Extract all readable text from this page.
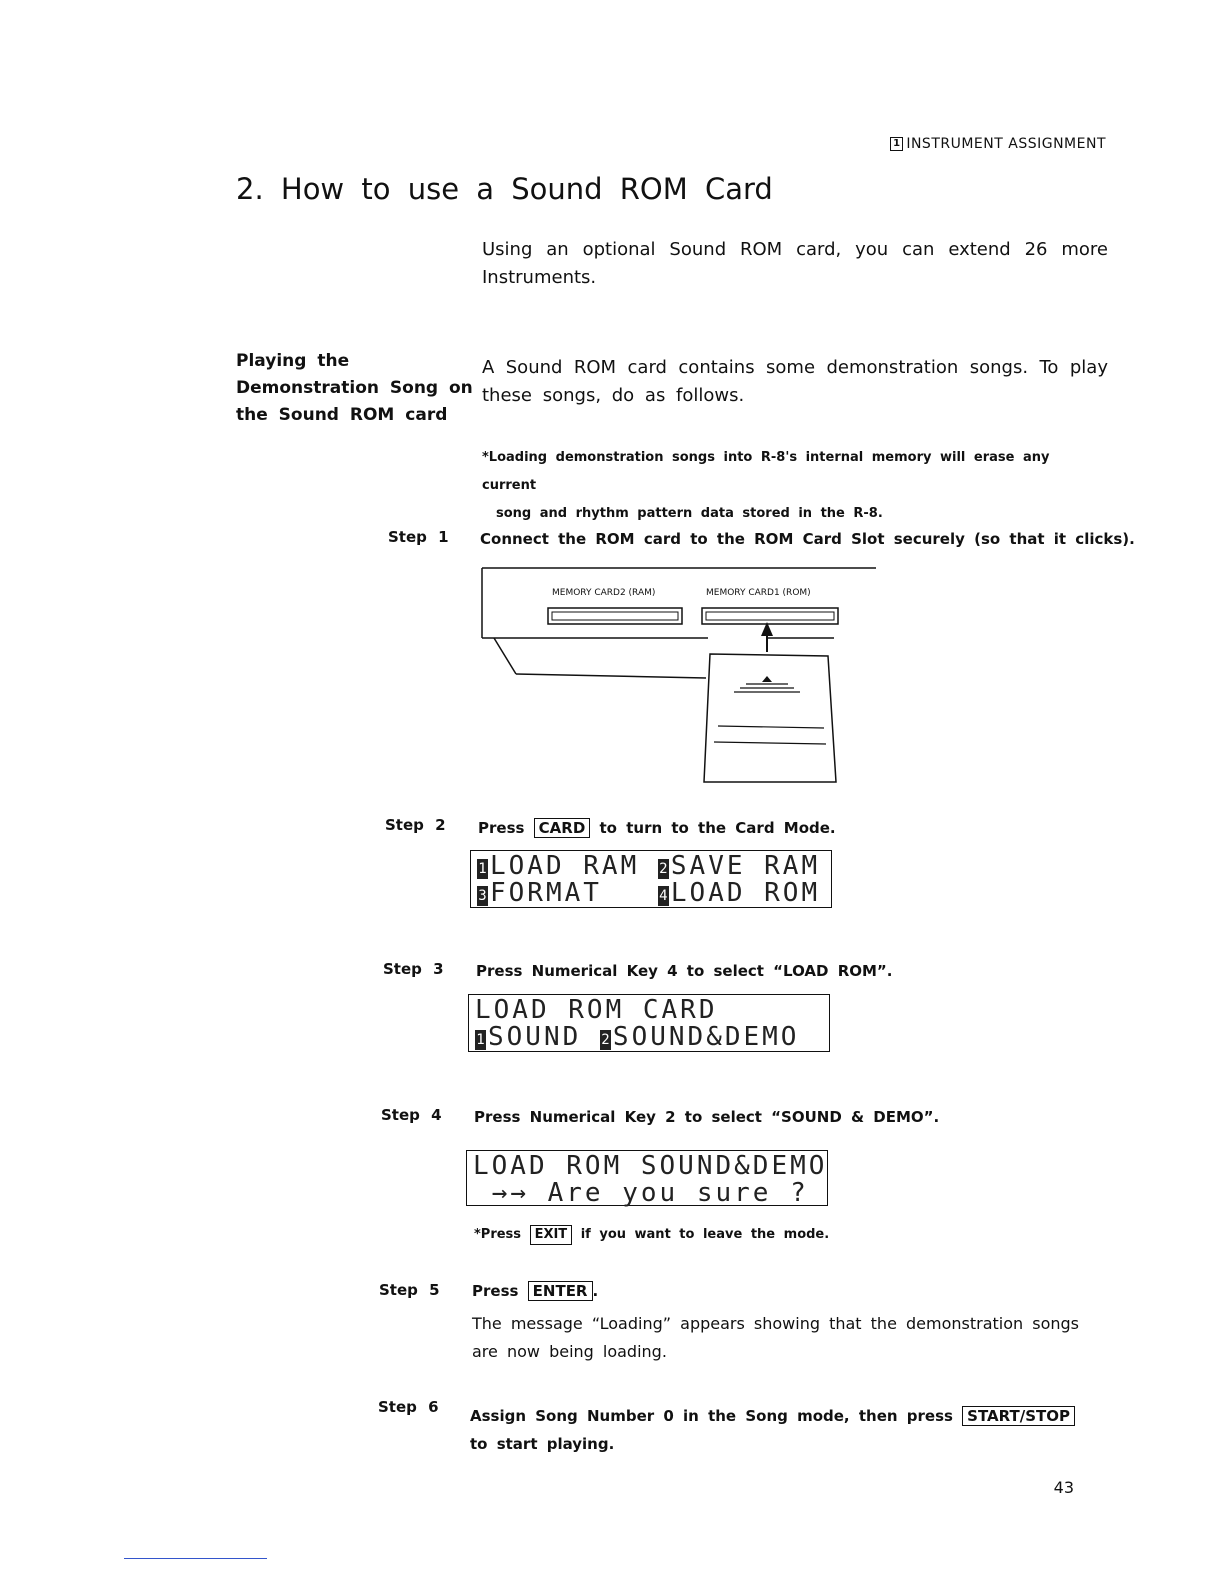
1 INSTRUMENT ASSIGNMENT
2. How to use a Sound ROM Card
Using an optional Sound ROM card, you can extend 26 more Instruments.
Playing the
Demonstration Song on
the Sound ROM card
A Sound ROM card contains some demonstration songs. To play these songs, do as follows.
*Loading demonstration songs into R-8's internal memory will erase any current
song and rhythm pattern data stored in the R-8.
Step 1 Connect the ROM card to the ROM Card Slot securely (so that it clicks).
MEMORY CARD2 (RAM)	MEMORY CARD1 (ROM)
Step 2 Press CARD to turn to the Card Mode.
1 LOAD RAM 2 SAVE RAM
3 FORMAT   4 LOAD ROM
Step 3 Press Numerical Key 4 to select “LOAD ROM”.
LOAD ROM CARD
1 SOUND 2 SOUND&DEMO
Step 4 Press Numerical Key 2 to select “SOUND & DEMO”.
LOAD ROM SOUND&DEMO
→→ Are you sure ?
*Press EXIT if you want to leave the mode.
Step 5 Press ENTER .
The message “Loading” appears showing that the demonstration songs are now being loading.
Step 6 Assign Song Number 0 in the Song mode, then press START/STOP to start playing.
43
